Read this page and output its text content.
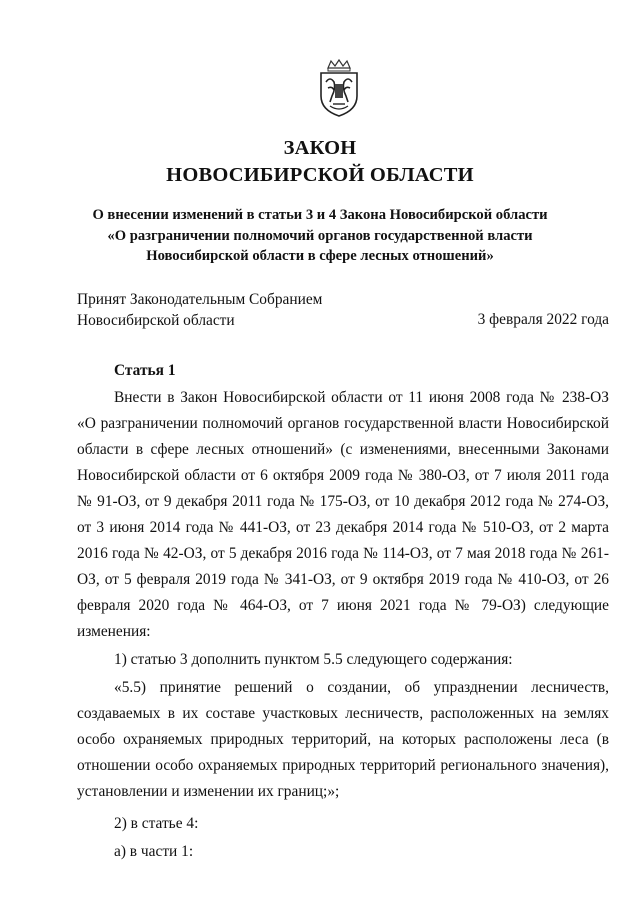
ЗАКОН
НОВОСИБИРСКОЙ ОБЛАСТИ
О внесении изменений в статьи 3 и 4 Закона Новосибирской области
«О разграничении полномочий органов государственной власти
Новосибирской области в сфере лесных отношений»
Принят Законодательным Собранием
Новосибирской области	3 февраля 2022 года
Статья 1

Внести в Закон Новосибирской области от 11 июня 2008 года № 238-ОЗ «О разграничении полномочий органов государственной власти Новосибирской области в сфере лесных отношений» (с изменениями, внесенными Законами Новосибирской области от 6 октября 2009 года № 380-ОЗ, от 7 июля 2011 года № 91-ОЗ, от 9 декабря 2011 года № 175-ОЗ, от 10 декабря 2012 года № 274-ОЗ, от 3 июня 2014 года № 441-ОЗ, от 23 декабря 2014 года № 510-ОЗ, от 2 марта 2016 года № 42-ОЗ, от 5 декабря 2016 года № 114-ОЗ, от 7 мая 2018 года № 261-ОЗ, от 5 февраля 2019 года № 341-ОЗ, от 9 октября 2019 года № 410-ОЗ, от 26 февраля 2020 года № 464-ОЗ, от 7 июня 2021 года № 79-ОЗ) следующие изменения:

1) статью 3 дополнить пунктом 5.5 следующего содержания:

«5.5) принятие решений о создании, об упразднении лесничеств, создаваемых в их составе участковых лесничеств, расположенных на землях особо охраняемых природных территорий, на которых расположены леса (в отношении особо охраняемых природных территорий регионального значения), установлении и изменении их границ;»;

2) в статье 4:

а) в части 1:
